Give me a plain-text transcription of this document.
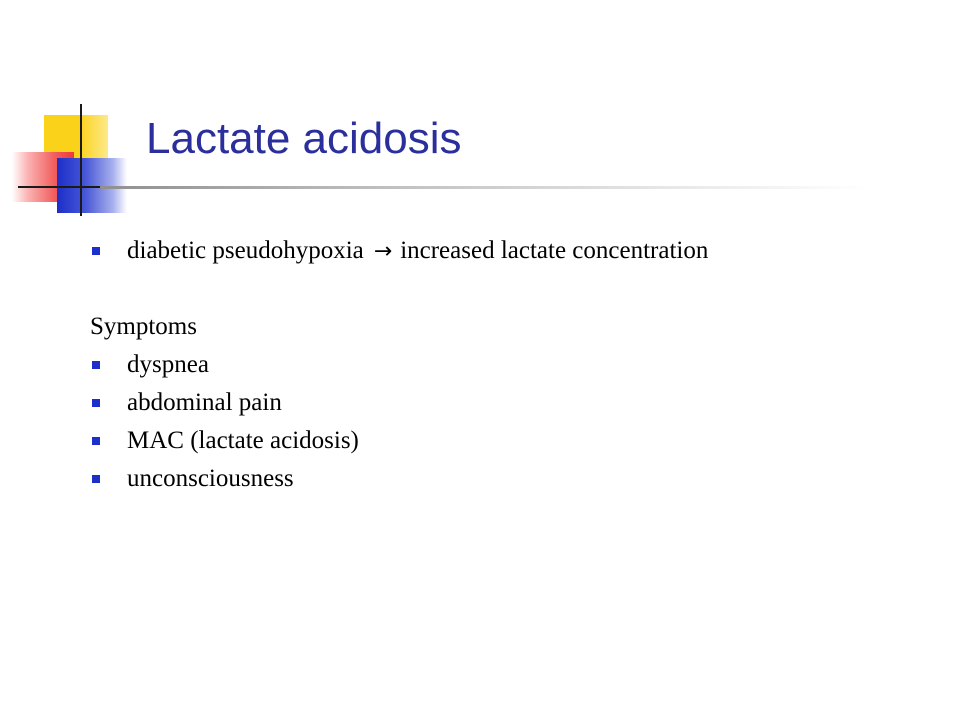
Lactate acidosis
diabetic pseudohypoxia → increased lactate concentration
Symptoms
dyspnea
abdominal pain
MAC (lactate acidosis)
unconsciousness
